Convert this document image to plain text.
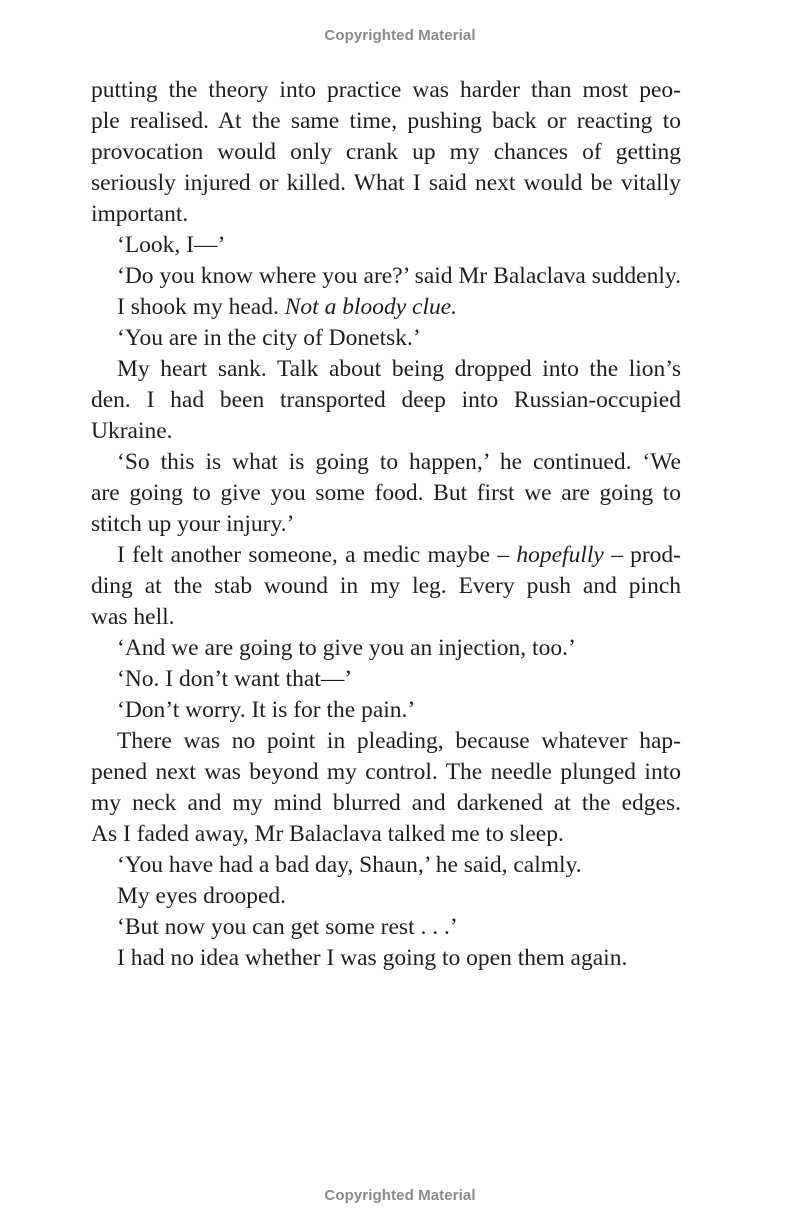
Copyrighted Material
putting the theory into practice was harder than most peo-
ple realised. At the same time, pushing back or reacting to
provocation would only crank up my chances of getting
seriously injured or killed. What I said next would be vitally
important.
‘Look, I—’
‘Do you know where you are?’ said Mr Balaclava suddenly.
I shook my head. Not a bloody clue.
‘You are in the city of Donetsk.’
My heart sank. Talk about being dropped into the lion’s
den. I had been transported deep into Russian-occupied
Ukraine.
‘So this is what is going to happen,’ he continued. ‘We
are going to give you some food. But first we are going to
stitch up your injury.’
I felt another someone, a medic maybe – hopefully – prod-
ding at the stab wound in my leg. Every push and pinch
was hell.
‘And we are going to give you an injection, too.’
‘No. I don’t want that—’
‘Don’t worry. It is for the pain.’
There was no point in pleading, because whatever hap-
pened next was beyond my control. The needle plunged into
my neck and my mind blurred and darkened at the edges.
As I faded away, Mr Balaclava talked me to sleep.
‘You have had a bad day, Shaun,’ he said, calmly.
My eyes drooped.
‘But now you can get some rest . . .’
I had no idea whether I was going to open them again.
Copyrighted Material
